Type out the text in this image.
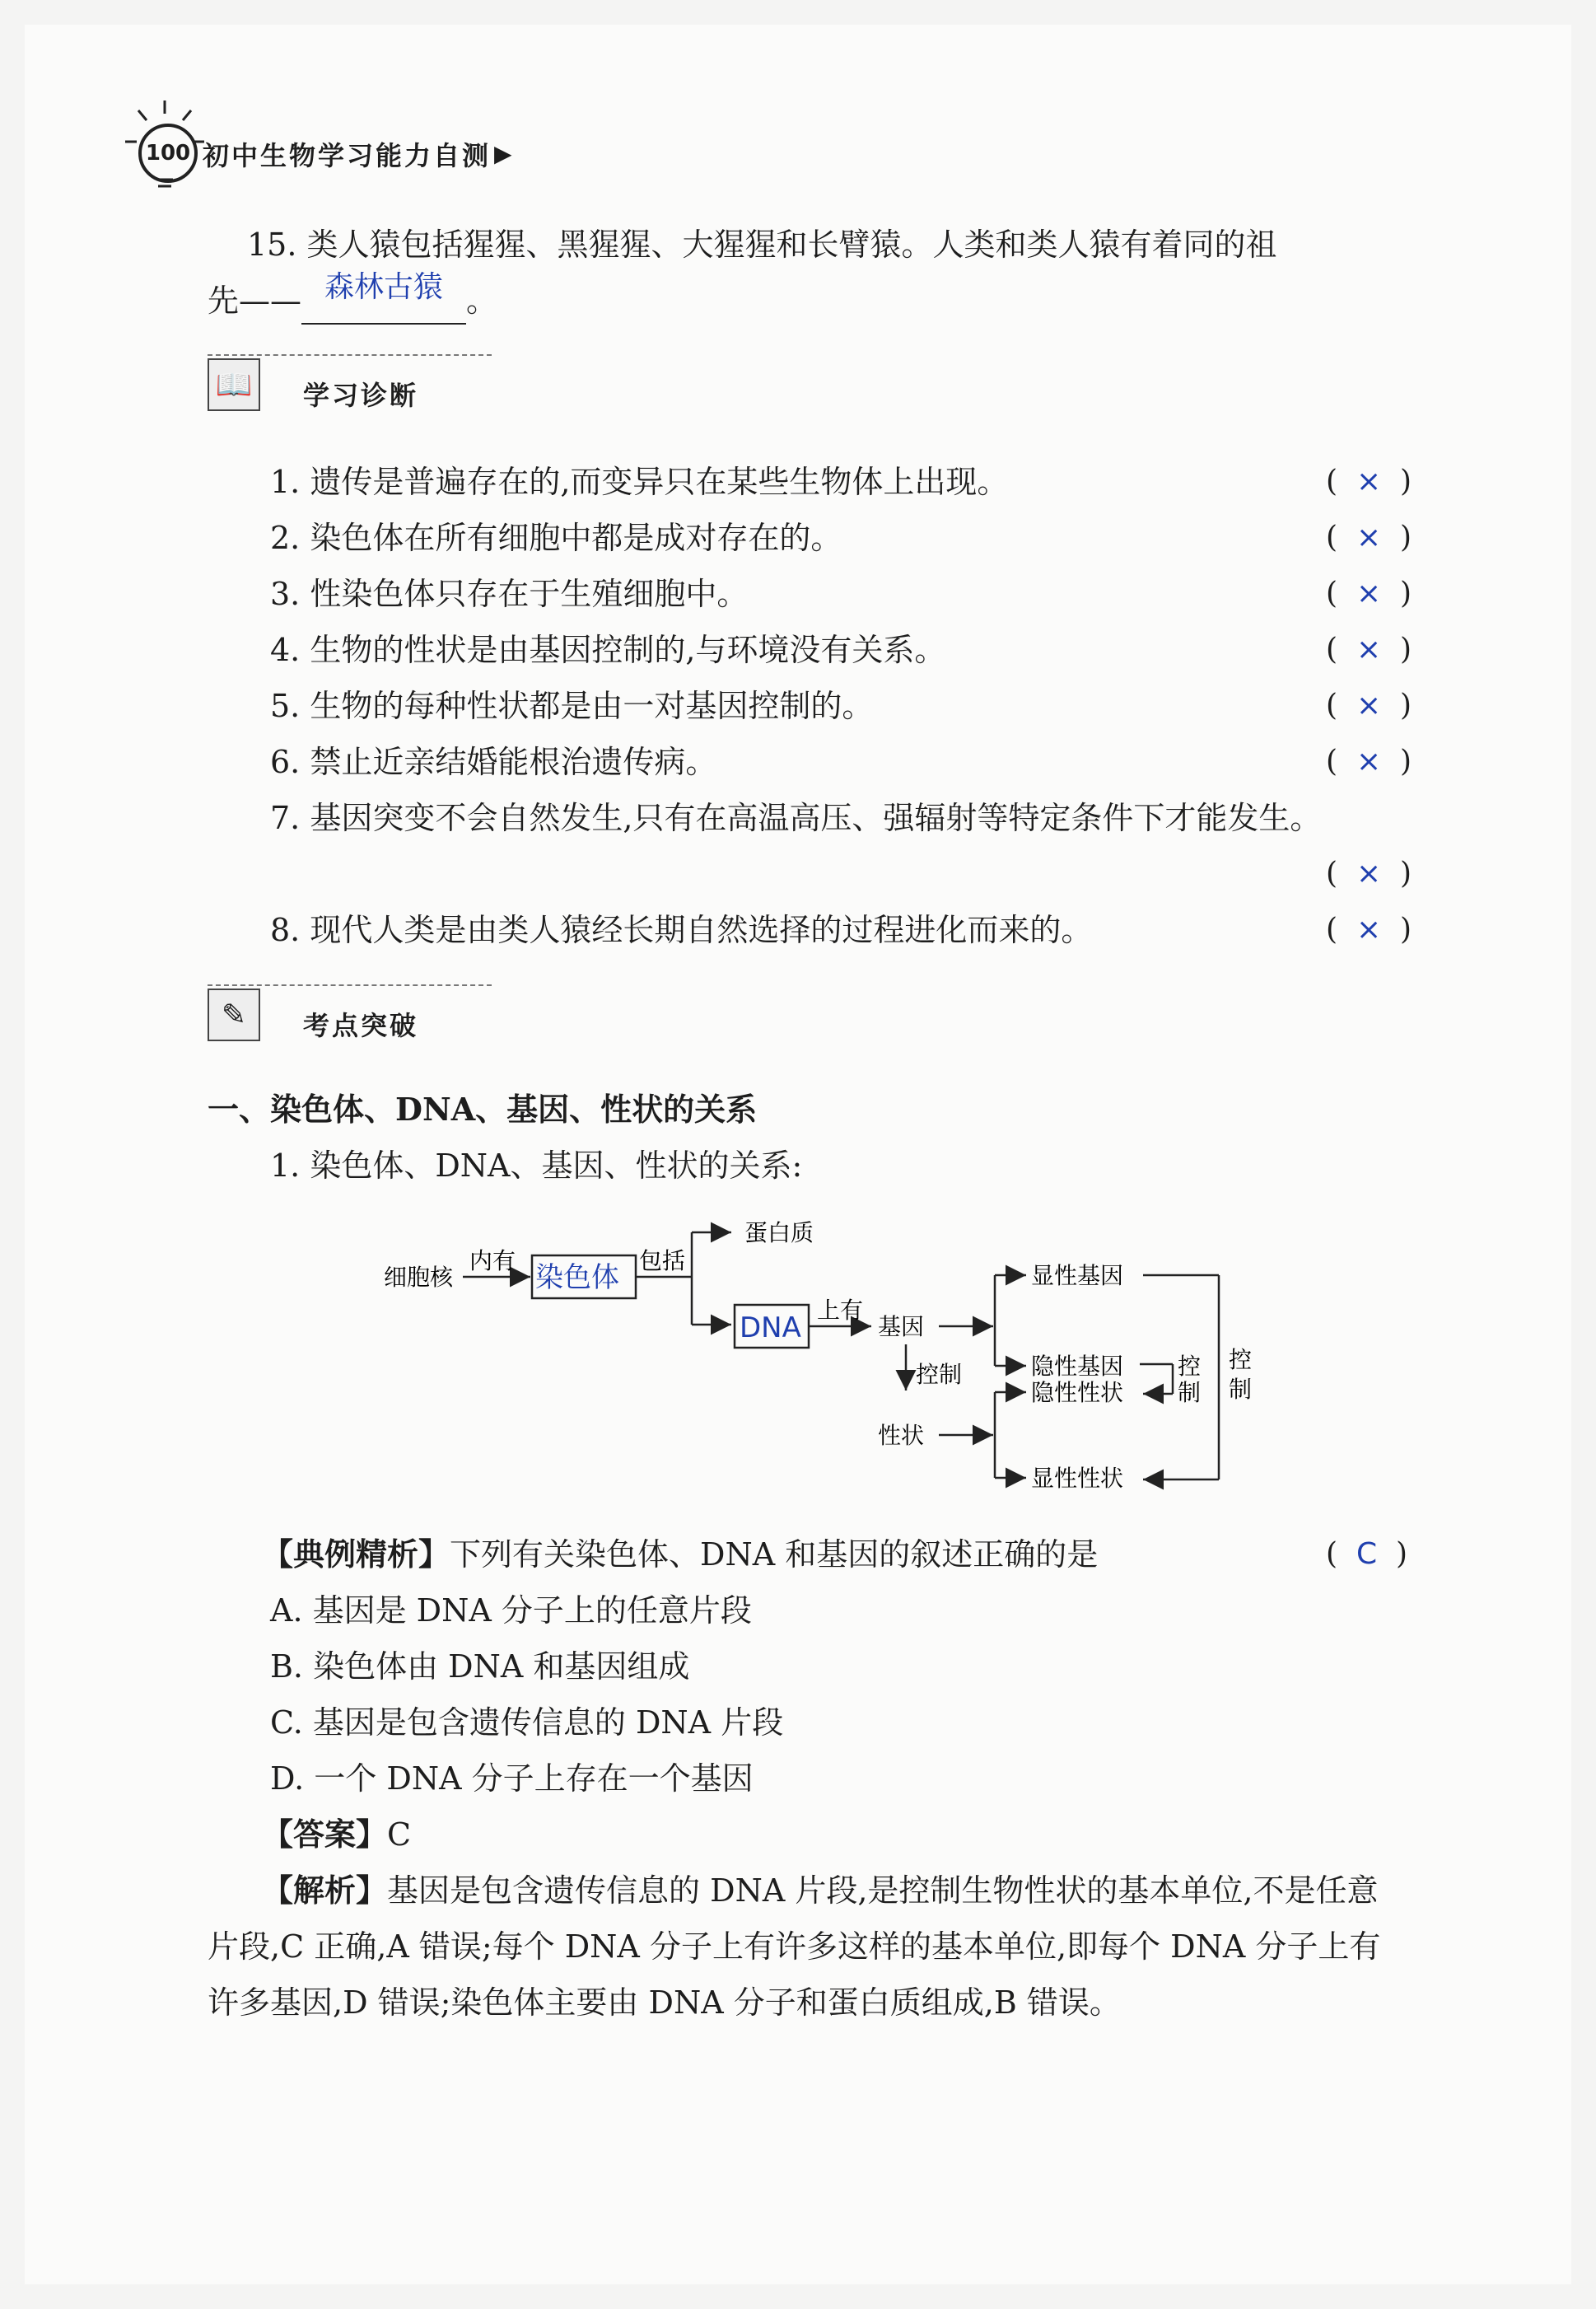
100 初中生物学习能力自测 ▶
15. 类人猿包括猩猩、黑猩猩、大猩猩和长臂猿。人类和类人猿有着同的祖
先—— 森林古猿 。
📖 学习诊断
1. 遗传是普遍存在的,而变异只在某些生物体上出现。	(  ×  )
2. 染色体在所有细胞中都是成对存在的。	(  ×  )
3. 性染色体只存在于生殖细胞中。	(  ×  )
4. 生物的性状是由基因控制的,与环境没有关系。	(  ×  )
5. 生物的每种性状都是由一对基因控制的。	(  ×  )
6. 禁止近亲结婚能根治遗传病。	(  ×  )
7. 基因突变不会自然发生,只有在高温高压、强辐射等特定条件下才能发生。
(  ×  )
8. 现代人类是由类人猿经长期自然选择的过程进化而来的。	(  ×  )
✎	考点突破
一、染色体、DNA、基因、性状的关系
1. 染色体、DNA、基因、性状的关系:
细胞核
内有
染色体
包括
蛋白质
DNA
上有
基因
控制
性状
显性基因
隐性基因
隐性性状
显性性状
控
制
控
制
【典例精析】下列有关染色体、DNA 和基因的叙述正确的是	(  C  )
A. 基因是 DNA 分子上的任意片段
B. 染色体由 DNA 和基因组成
C. 基因是包含遗传信息的 DNA 片段
D. 一个 DNA 分子上存在一个基因
【答案】C
【解析】基因是包含遗传信息的 DNA 片段,是控制生物性状的基本单位,不是任意
片段,C 正确,A 错误;每个 DNA 分子上有许多这样的基本单位,即每个 DNA 分子上有
许多基因,D 错误;染色体主要由 DNA 分子和蛋白质组成,B 错误。
